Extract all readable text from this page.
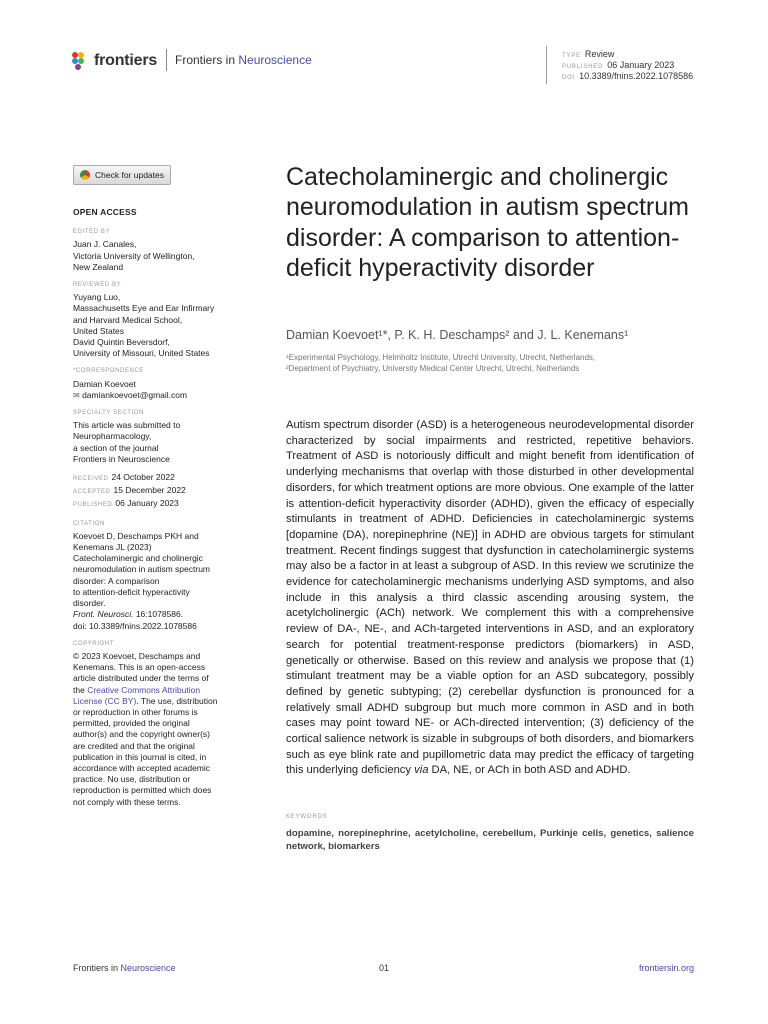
frontiers	Frontiers in Neuroscience	TYPE Review
PUBLISHED 06 January 2023
DOI 10.3389/fnins.2022.1078586
Check for updates
OPEN ACCESS
EDITED BY
Juan J. Canales,
Victoria University of Wellington,
New Zealand
REVIEWED BY
Yuyang Luo,
Massachusetts Eye and Ear Infirmary
and Harvard Medical School,
United States
David Quintin Beversdorf,
University of Missouri, United States
*CORRESPONDENCE
Damian Koevoet
✉ damiankoevoet@gmail.com
SPECIALTY SECTION
This article was submitted to
Neuropharmacology,
a section of the journal
Frontiers in Neuroscience
RECEIVED 24 October 2022
ACCEPTED 15 December 2022
PUBLISHED 06 January 2023
CITATION
Koevoet D, Deschamps PKH and
Kenemans JL (2023)
Catecholaminergic and cholinergic
neuromodulation in autism spectrum
disorder: A comparison
to attention-deficit hyperactivity
disorder.
Front. Neurosci. 16:1078586.
doi: 10.3389/fnins.2022.1078586
COPYRIGHT
© 2023 Koevoet, Deschamps and
Kenemans. This is an open-access
article distributed under the terms of
the Creative Commons Attribution
License (CC BY). The use, distribution
or reproduction in other forums is
permitted, provided the original
author(s) and the copyright owner(s)
are credited and that the original
publication in this journal is cited, in
accordance with accepted academic
practice. No use, distribution or
reproduction is permitted which does
not comply with these terms.
Catecholaminergic and cholinergic neuromodulation in autism spectrum disorder: A comparison to attention-deficit hyperactivity disorder
Damian Koevoet¹*, P. K. H. Deschamps² and J. L. Kenemans¹
¹Experimental Psychology, Helmholtz Institute, Utrecht University, Utrecht, Netherlands,
²Department of Psychiatry, University Medical Center Utrecht, Utrecht, Netherlands
Autism spectrum disorder (ASD) is a heterogeneous neurodevelopmental disorder characterized by social impairments and restricted, repetitive behaviors. Treatment of ASD is notoriously difficult and might benefit from identification of underlying mechanisms that overlap with those disturbed in other developmental disorders, for which treatment options are more obvious. One example of the latter is attention-deficit hyperactivity disorder (ADHD), given the efficacy of especially stimulants in treatment of ADHD. Deficiencies in catecholaminergic systems [dopamine (DA), norepinephrine (NE)] in ADHD are obvious targets for stimulant treatment. Recent findings suggest that dysfunction in catecholaminergic systems may also be a factor in at least a subgroup of ASD. In this review we scrutinize the evidence for catecholaminergic mechanisms underlying ASD symptoms, and also include in this analysis a third classic ascending arousing system, the acetylcholinergic (ACh) network. We complement this with a comprehensive review of DA-, NE-, and ACh-targeted interventions in ASD, and an exploratory search for potential treatment-response predictors (biomarkers) in ASD, genetically or otherwise. Based on this review and analysis we propose that (1) stimulant treatment may be a viable option for an ASD subcategory, possibly defined by genetic subtyping; (2) cerebellar dysfunction is pronounced for a relatively small ADHD subgroup but much more common in ASD and in both cases may point toward NE- or ACh-directed intervention; (3) deficiency of the cortical salience network is sizable in subgroups of both disorders, and biomarkers such as eye blink rate and pupillometric data may predict the efficacy of targeting this underlying deficiency via DA, NE, or ACh in both ASD and ADHD.
KEYWORDS
dopamine, norepinephrine, acetylcholine, cerebellum, Purkinje cells, genetics, salience network, biomarkers
Frontiers in Neuroscience	01	frontiersin.org
